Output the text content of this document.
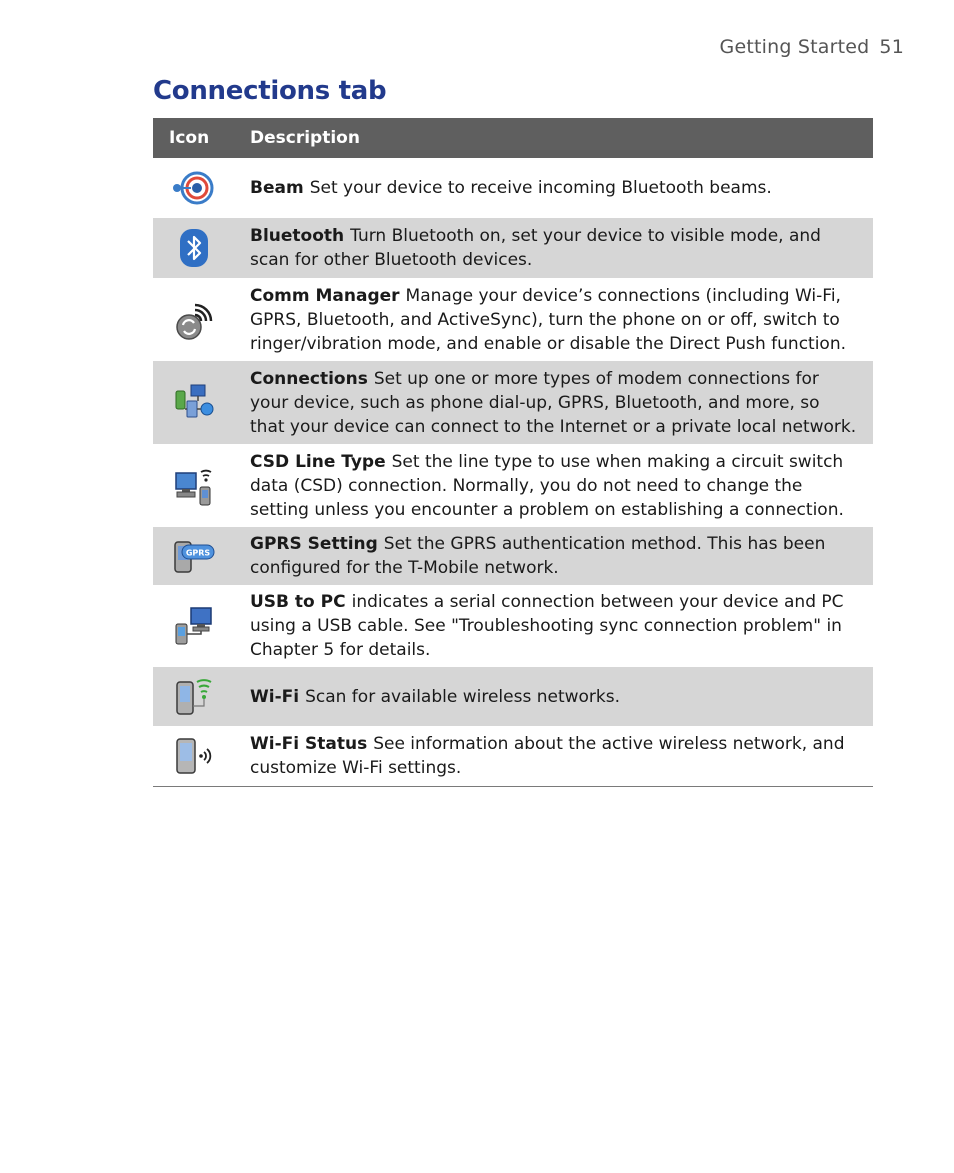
Getting Started 51
Connections tab
Icon	Description
Beam Set your device to receive incoming Bluetooth beams.
Bluetooth Turn Bluetooth on, set your device to visible mode, and scan for other Bluetooth devices.
Comm Manager Manage your device’s connections (including Wi-Fi, GPRS, Bluetooth, and ActiveSync), turn the phone on or off, switch to ringer/vibration mode, and enable or disable the Direct Push function.
Connections Set up one or more types of modem connections for your device, such as phone dial-up, GPRS, Bluetooth, and more, so that your device can connect to the Internet or a private local network.
CSD Line Type Set the line type to use when making a circuit switch data (CSD) connection. Normally, you do not need to change the setting unless you encounter a problem on establishing a connection.
GPRS	GPRS Setting Set the GPRS authentication method. This has been configured for the T-Mobile network.
USB to PC indicates a serial connection between your device and PC using a USB cable. See "Troubleshooting sync connection problem" in Chapter 5 for details.
Wi-Fi Scan for available wireless networks.
Wi-Fi Status See information about the active wireless network, and customize Wi-Fi settings.
